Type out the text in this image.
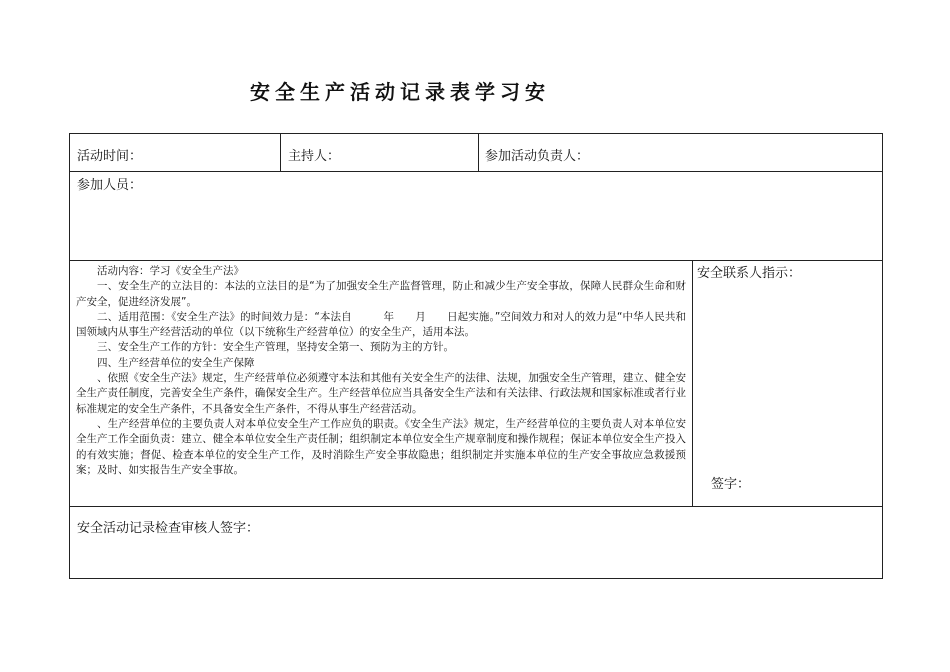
安全生产活动记录表学习安
活动时间：	主持人：	参加活动负责人：
参加人员：

活动内容：学习《安全生产法》

一、安全生产的立法目的：本法的立法目的是“为了加强安全生产监督管理，防止和减少生产安全事故，保障人民群众生命和财产安全，促进经济发展”。

二、适用范围：《安全生产法》的时间效力是：“本法自　　　年　　月　　日起实施。”空间效力和对人的效力是“中华人民共和国领域内从事生产经营活动的单位（以下统称生产经营单位）的安全生产，适用本法。

三、安全生产工作的方针：安全生产管理，坚持安全第一、预防为主的方针。

四、生产经营单位的安全生产保障

、依照《安全生产法》规定，生产经营单位必须遵守本法和其他有关安全生产的法律、法规，加强安全生产管理，建立、健全安全生产责任制度，完善安全生产条件，确保安全生产。生产经营单位应当具备安全生产法和有关法律、行政法规和国家标准或者行业标准规定的安全生产条件，不具备安全生产条件，不得从事生产经营活动。

、生产经营单位的主要负责人对本单位安全生产工作应负的职责。《安全生产法》规定，生产经营单位的主要负责人对本单位安全生产工作全面负责：建立、健全本单位安全生产责任制；组织制定本单位安全生产规章制度和操作规程；保证本单位安全生产投入的有效实施；督促、检查本单位的安全生产工作，及时消除生产安全事故隐患；组织制定并实施本单位的生产安全事故应急救援预案；及时、如实报告生产安全事故。

安全联系人指示：
签字：
安全活动记录检查审核人签字：
